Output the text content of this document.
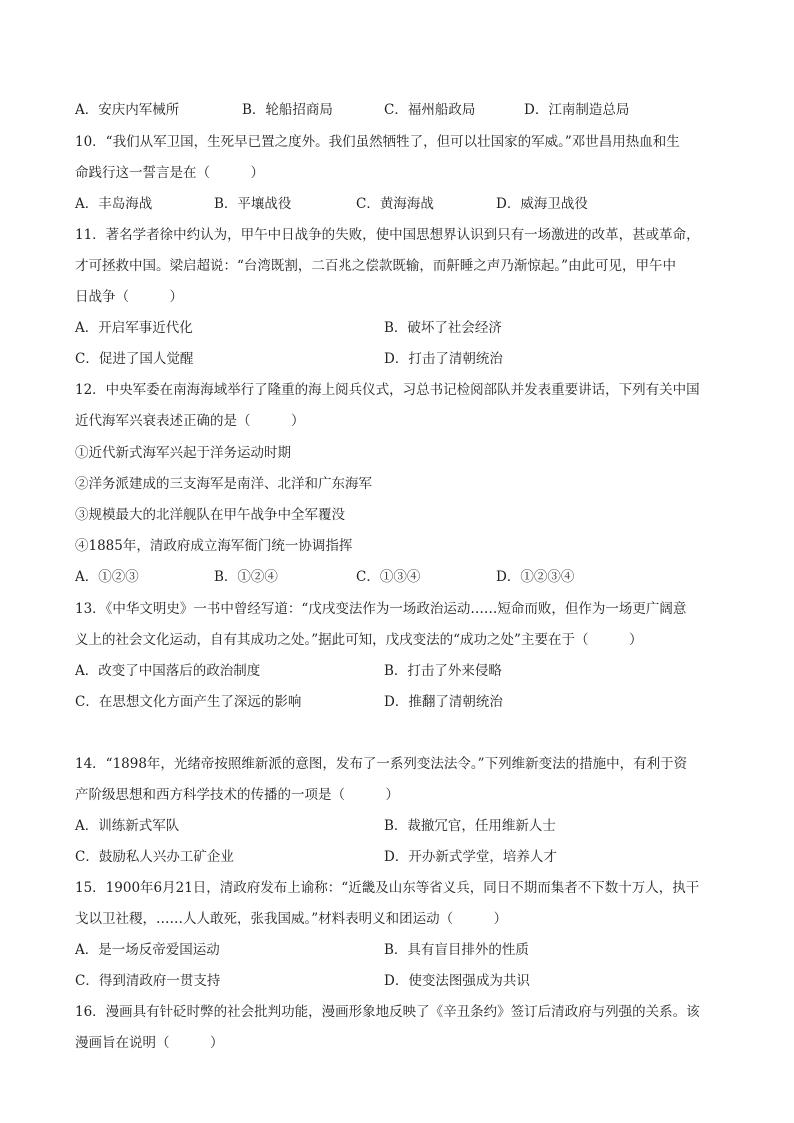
A．安庆内军械所	B．轮船招商局	C．福州船政局	D．江南制造总局
10．“我们从军卫国，生死早已置之度外。我们虽然牺牲了，但可以壮国家的军威。”邓世昌用热血和生
命践行这一誓言是在（　　　）
A．丰岛海战	B．平壤战役	C．黄海海战	D．威海卫战役
11．著名学者徐中约认为，甲午中日战争的失败，使中国思想界认识到只有一场激进的改革，甚或革命，
才可拯救中国。梁启超说：“台湾既割，二百兆之偿款既输，而鼾睡之声乃渐惊起。”由此可见，甲午中
日战争（　　　）
A．开启军事近代化	B．破坏了社会经济
C．促进了国人觉醒	D．打击了清朝统治
12．中央军委在南海海域举行了隆重的海上阅兵仪式，习总书记检阅部队并发表重要讲话，下列有关中国
近代海军兴衰表述正确的是（　　　）
①近代新式海军兴起于洋务运动时期
②洋务派建成的三支海军是南洋、北洋和广东海军
③规模最大的北洋舰队在甲午战争中全军覆没
④1885年，清政府成立海军衙门统一协调指挥
A．①②③	B．①②④	C．①③④	D．①②③④
13．《中华文明史》一书中曾经写道：“戊戌变法作为一场政治运动……短命而败，但作为一场更广阔意
义上的社会文化运动，自有其成功之处。”据此可知，戊戌变法的“成功之处”主要在于（　　　）
A．改变了中国落后的政治制度	B．打击了外来侵略
C．在思想文化方面产生了深远的影响	D．推翻了清朝统治
14．“1898年，光绪帝按照维新派的意图，发布了一系列变法法令。”下列维新变法的措施中，有利于资
产阶级思想和西方科学技术的传播的一项是（　　　）
A．训练新式军队	B．裁撤冗官，任用维新人士
C．鼓励私人兴办工矿企业	D．开办新式学堂，培养人才
15．1900年6月21日，清政府发布上谕称：“近畿及山东等省义兵，同日不期而集者不下数十万人，执干
戈以卫社稷，……人人敢死，张我国威。”材料表明义和团运动（　　　）
A．是一场反帝爱国运动	B．具有盲目排外的性质
C．得到清政府一贯支持	D．使变法图强成为共识
16．漫画具有针砭时弊的社会批判功能，漫画形象地反映了《辛丑条约》签订后清政府与列强的关系。该
漫画旨在说明（　　　）
